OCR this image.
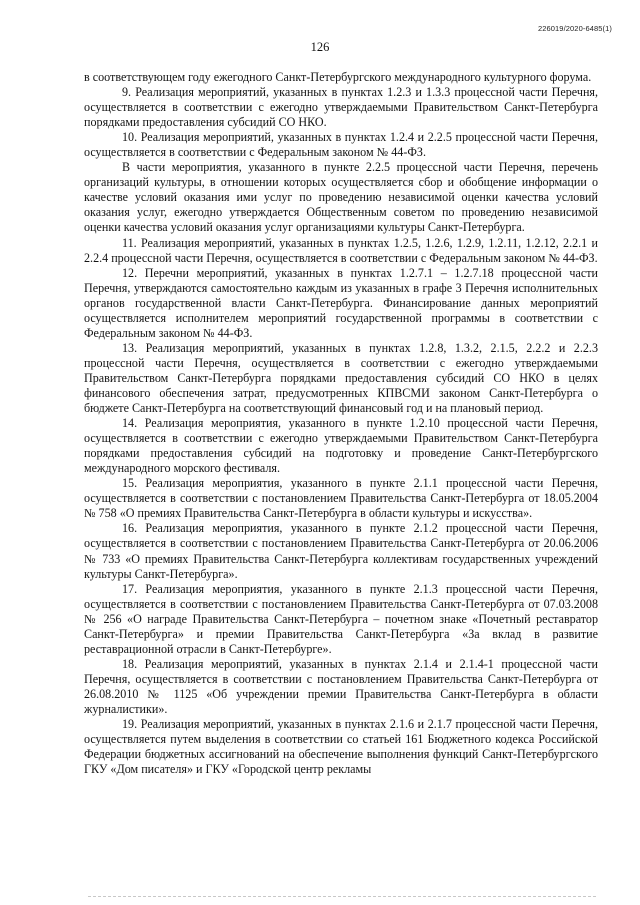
226019/2020-6485(1)
126

в соответствующем году ежегодного Санкт-Петербургского международного культурного форума.

9. Реализация мероприятий, указанных в пунктах 1.2.3 и 1.3.3 процессной части Перечня, осуществляется в соответствии с ежегодно утверждаемыми Правительством Санкт-Петербурга порядками предоставления субсидий СО НКО.

10. Реализация мероприятий, указанных в пунктах 1.2.4 и 2.2.5 процессной части Перечня, осуществляется в соответствии с Федеральным законом № 44-ФЗ.

В части мероприятия, указанного в пункте 2.2.5 процессной части Перечня, перечень организаций культуры, в отношении которых осуществляется сбор и обобщение информации о качестве условий оказания ими услуг по проведению независимой оценки качества условий оказания услуг, ежегодно утверждается Общественным советом по проведению независимой оценки качества условий оказания услуг организациями культуры Санкт-Петербурга.

11. Реализация мероприятий, указанных в пунктах 1.2.5, 1.2.6, 1.2.9, 1.2.11, 1.2.12, 2.2.1 и 2.2.4 процессной части Перечня, осуществляется в соответствии с Федеральным законом № 44-ФЗ.

12. Перечни мероприятий, указанных в пунктах 1.2.7.1 – 1.2.7.18 процессной части Перечня, утверждаются самостоятельно каждым из указанных в графе 3 Перечня исполнительных органов государственной власти Санкт-Петербурга. Финансирование данных мероприятий осуществляется исполнителем мероприятий государственной программы в соответствии с Федеральным законом № 44-ФЗ.

13. Реализация мероприятий, указанных в пунктах 1.2.8, 1.3.2, 2.1.5, 2.2.2 и 2.2.3 процессной части Перечня, осуществляется в соответствии с ежегодно утверждаемыми Правительством Санкт-Петербурга порядками предоставления субсидий СО НКО в целях финансового обеспечения затрат, предусмотренных КПВСМИ законом Санкт-Петербурга о бюджете Санкт-Петербурга на соответствующий финансовый год и на плановый период.

14. Реализация мероприятия, указанного в пункте 1.2.10 процессной части Перечня, осуществляется в соответствии с ежегодно утверждаемыми Правительством Санкт-Петербурга порядками предоставления субсидий на подготовку и проведение Санкт-Петербургского международного морского фестиваля.

15. Реализация мероприятия, указанного в пункте 2.1.1 процессной части Перечня, осуществляется в соответствии с постановлением Правительства Санкт-Петербурга от 18.05.2004 № 758 «О премиях Правительства Санкт-Петербурга в области культуры и искусства».

16. Реализация мероприятия, указанного в пункте 2.1.2 процессной части Перечня, осуществляется в соответствии с постановлением Правительства Санкт-Петербурга от 20.06.2006 № 733 «О премиях Правительства Санкт-Петербурга коллективам государственных учреждений культуры Санкт-Петербурга».

17. Реализация мероприятия, указанного в пункте 2.1.3 процессной части Перечня, осуществляется в соответствии с постановлением Правительства Санкт-Петербурга от 07.03.2008 № 256 «О награде Правительства Санкт-Петербурга – почетном знаке «Почетный реставратор Санкт-Петербурга» и премии Правительства Санкт-Петербурга «За вклад в развитие реставрационной отрасли в Санкт-Петербурге».

18. Реализация мероприятий, указанных в пунктах 2.1.4 и 2.1.4-1 процессной части Перечня, осуществляется в соответствии с постановлением Правительства Санкт-Петербурга от 26.08.2010 № 1125 «Об учреждении премии Правительства Санкт-Петербурга в области журналистики».

19. Реализация мероприятий, указанных в пунктах 2.1.6 и 2.1.7 процессной части Перечня, осуществляется путем выделения в соответствии со статьей 161 Бюджетного кодекса Российской Федерации бюджетных ассигнований на обеспечение выполнения функций Санкт-Петербургского ГКУ «Дом писателя» и ГКУ «Городской центр рекламы
